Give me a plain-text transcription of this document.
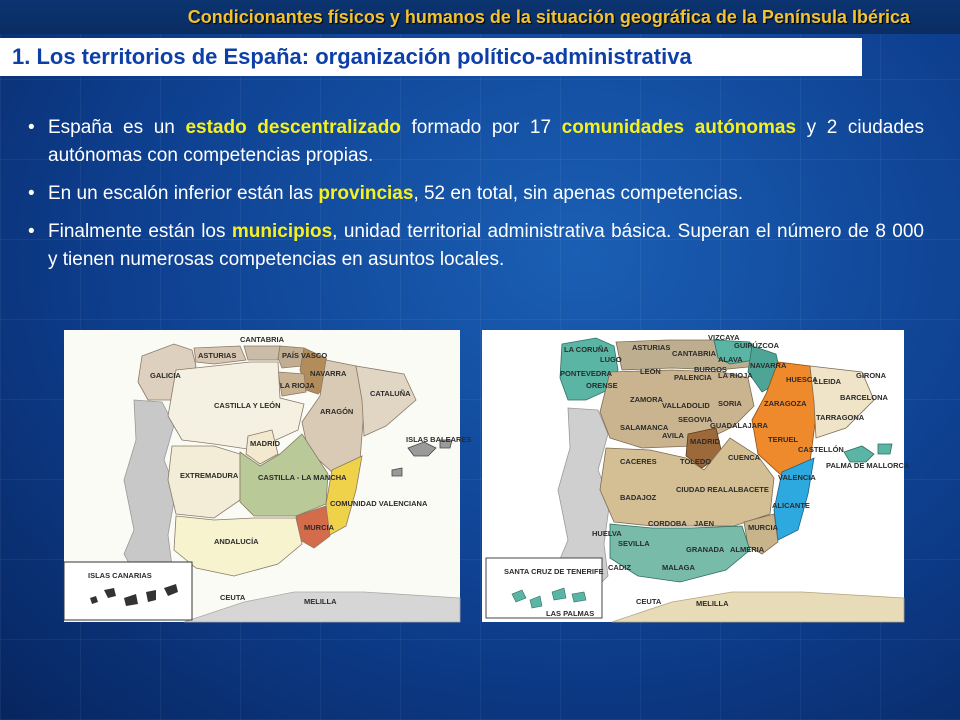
Condicionantes físicos y humanos de la situación geográfica de la Península Ibérica
1. Los territorios de España: organización político-administrativa
• España es un estado descentralizado formado por 17 comunidades autónomas y 2 ciudades autónomas con competencias propias.
• En un escalón inferior están las provincias, 52 en total, sin apenas competencias.
• Finalmente están los municipios, unidad territorial administrativa básica. Superan el número de 8 000 y tienen numerosas competencias en asuntos locales.
GALICIA
ASTURIAS
CANTABRIA
PAÍS VASCO
NAVARRA
LA RIOJA
CASTILLA Y LEÓN
ARAGÓN
CATALUÑA
MADRID
EXTREMADURA	CASTILLA - LA MANCHA
COMUNIDAD VALENCIANA
ISLAS BALEARES
MURCIA
ANDALUCÍA
ISLAS CANARIAS
CEUTA	MELILLA
LA CORUÑA
LUGO
PONTEVEDRA
ORENSE
ASTURIAS
CANTABRIA
VIZCAYA
GUIPÚZCOA
ALAVA
NAVARRA
LEON
PALENCIA
BURGOS
LA RIOJA	HUESCA
LLEIDA
GIRONA
ZAMORA
VALLADOLID SORIA	ZARAGOZA
BARCELONA
TARRAGONA
SEGOVIA
SALAMANCA
AVILA
MADRID
GUADALAJARA
TERUEL
CASTELLÓN
PALMA DE MALLORCA
CACERES	TOLEDO CUENCA
VALENCIA
BADAJOZ
CIUDAD REAL ALBACETE
ALICANTE
HUELVA
CORDOBA JAEN	MURCIA
SEVILLA
GRANADA ALMERIA
CADIZ	MALAGA
CEUTA	MELILLA
SANTA CRUZ DE TENERIFE
LAS PALMAS
